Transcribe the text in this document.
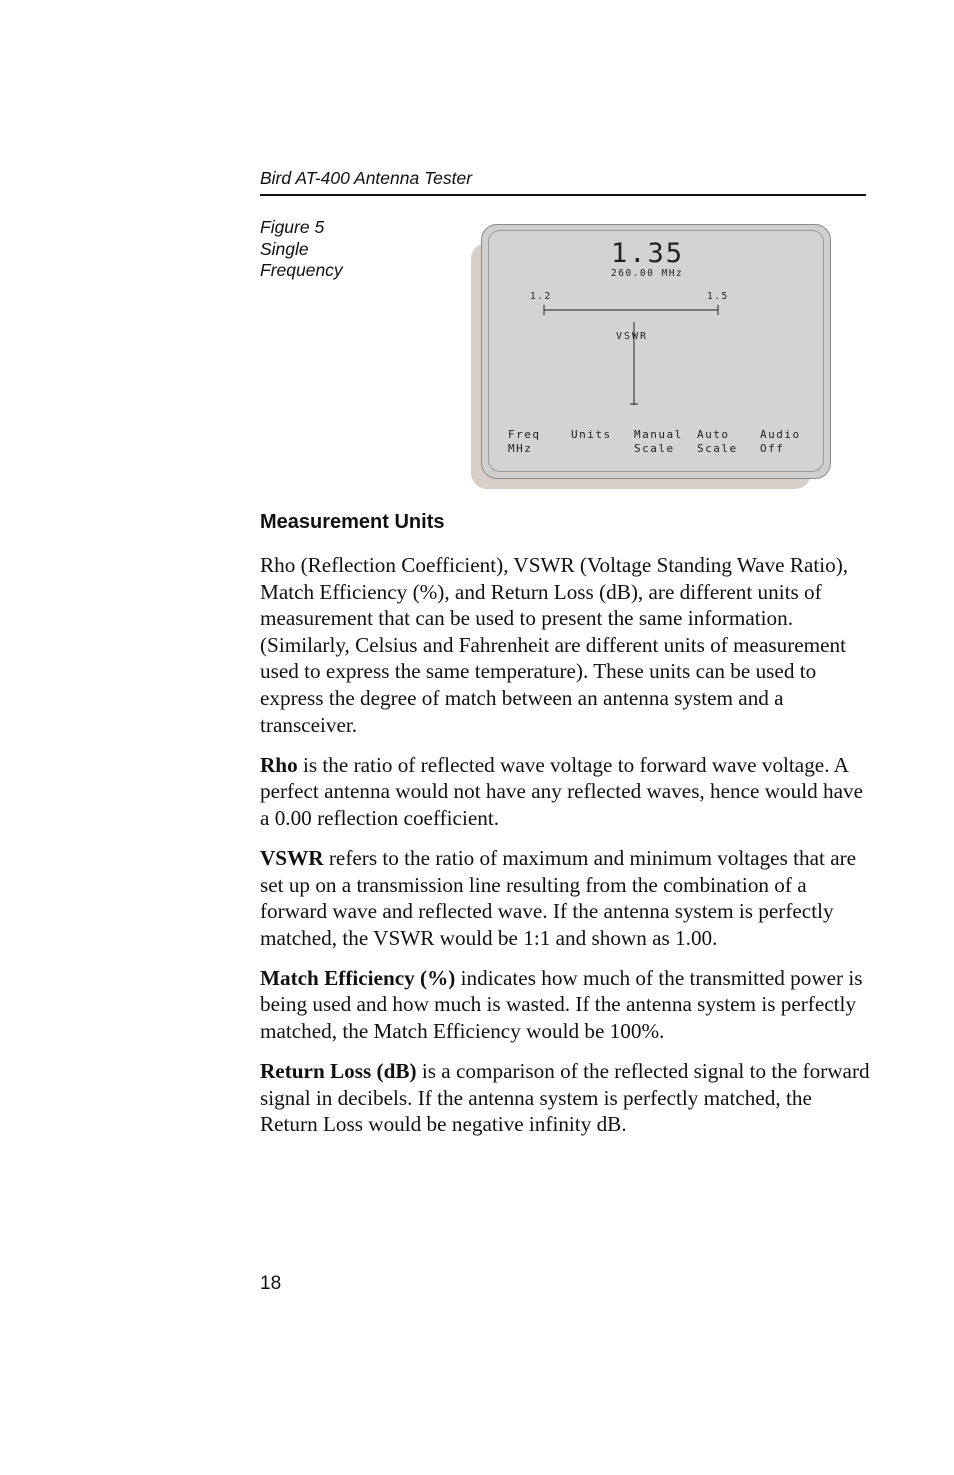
Bird AT-400 Antenna Tester
Figure 5
Single
Frequency
1.35
260.00 MHz
1.2	1.5
VSWR
Freq
MHz
Units Manual
Scale
Auto
Scale
Audio
Off
Measurement Units

Rho (Reflection Coefficient), VSWR (Voltage Standing Wave Ratio), Match Efficiency (%), and Return Loss (dB), are different units of measurement that can be used to present the same information. (Similarly, Celsius and Fahrenheit are different units of measurement used to express the same temperature). These units can be used to express the degree of match between an antenna system and a transceiver.

Rho is the ratio of reflected wave voltage to forward wave voltage. A perfect antenna would not have any reflected waves, hence would have a 0.00 reflection coefficient.

VSWR refers to the ratio of maximum and minimum voltages that are set up on a transmission line resulting from the combination of a forward wave and reflected wave. If the antenna system is perfectly matched, the VSWR would be 1:1 and shown as 1.00.

Match Efficiency (%) indicates how much of the transmitted power is being used and how much is wasted. If the antenna system is perfectly matched, the Match Efficiency would be 100%.

Return Loss (dB) is a comparison of the reflected signal to the forward signal in decibels. If the antenna system is perfectly matched, the Return Loss would be negative infinity dB.

18
